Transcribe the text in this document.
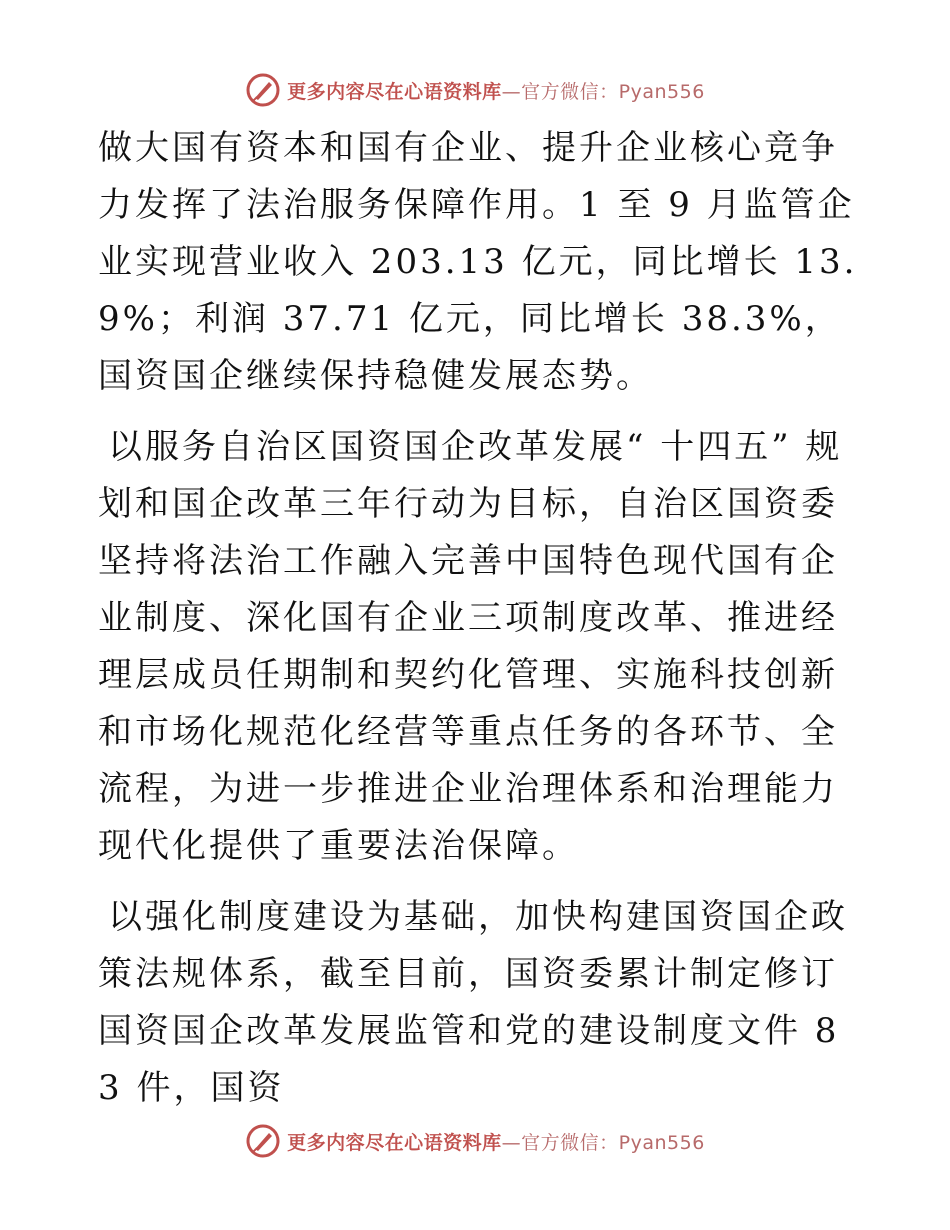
更多内容尽在心语资料库—官方微信：Pyan556

做大国有资本和国有企业、提升企业核心竞争力发挥了法治服务保障作用。1 至 9 月监管企业实现营业收入 203.13 亿元，同比增长 13.9%；利润 37.71 亿元，同比增长 38.3%，国资国企继续保持稳健发展态势。

以服务自治区国资国企改革发展“ 十四五” 规划和国企改革三年行动为目标，自治区国资委坚持将法治工作融入完善中国特色现代国有企业制度、深化国有企业三项制度改革、推进经理层成员任期制和契约化管理、实施科技创新和市场化规范化经营等重点任务的各环节、全流程，为进一步推进企业治理体系和治理能力现代化提供了重要法治保障。

以强化制度建设为基础，加快构建国资国企政策法规体系，截至目前，国资委累计制定修订国资国企改革发展监管和党的建设制度文件 83 件，国资

更多内容尽在心语资料库—官方微信：Pyan556
